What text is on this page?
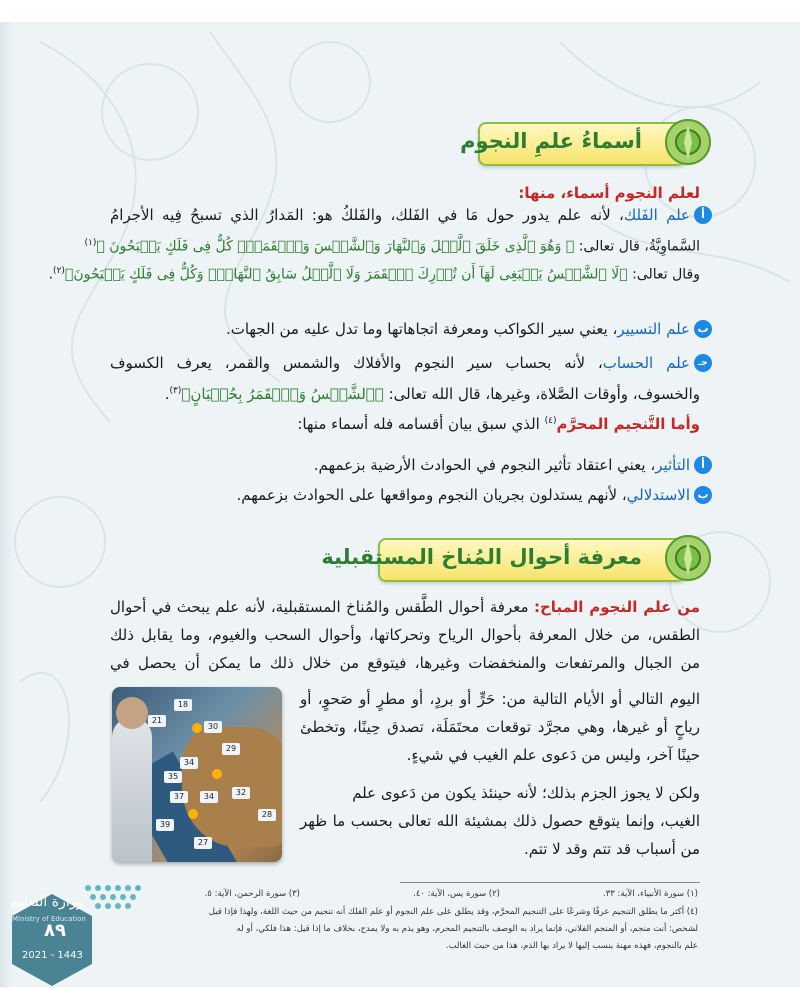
أسماءُ علمِ النجوم
لعلم النجوم أسماء، منها:
أ
علم الفَلك، لأنه علم يدور حول مَا في الفَلك، والفَلكُ هو: المَدارُ الذي تسبحُ فِيه الأجرامُ
السَّماوِيَّةُ، قال تعالى: ﴿ وَهُوَ ٱلَّذِى خَلَقَ ٱلَّيۡلَ وَٱلنَّهَارَ وَٱلشَّمۡسَ وَٱلۡقَمَرَۖ كُلٌّ فِى فَلَكٍ يَسۡبَحُونَ ﴾$^{(١)}$
وقال تعالى: ﴿لَا ٱلشَّمۡسُ يَنۢبَغِى لَهَآ أَن تُدۡرِكَ ٱلۡقَمَرَ وَلَا ٱلَّيۡلُ سَابِقُ ٱلنَّهَارِۚ وَكُلٌّ فِى فَلَكٍ يَسۡبَحُونَ﴾$^{(٢)}$.
ب
علم التسيير، يعني سير الكواكب ومعرفة اتجاهاتها وما تدل عليه من الجهات.
جـ
علم الحساب، لأنه بحساب سير النجوم والأفلاك والشمس والقمر، يعرف الكسوف
والخسوف، وأوقات الصَّلاة، وغيرها، قال الله تعالى: ﴿ٱلشَّمۡسُ وَٱلۡقَمَرُ بِحُسۡبَانٍ﴾$^{(٣)}$.
وأما التَّنجيم المحرَّم$^{(٤)}$ الذي سبق بيان أقسامه فله أسماء منها:
أ
التأثير، يعني اعتقاد تأثير النجوم في الحوادث الأرضية بزعمهم.
ب
الاستدلالي، لأنهم يستدلون بجريان النجوم ومواقعها على الحوادث بزعمهم.
معرفة أحوال المُناخ المستقبلية
من علم النجوم المباح: معرفة أحوال الطَّقس والمُناخ المستقبلية، لأنه علم يبحث في أحوال
الطقس، من خلال المعرفة بأحوال الرياح وتحركاتها، وأحوال السحب والغيوم، وما يقابل ذلك
من الجبال والمرتفعات والمنخفضات وغيرها، فيتوقع من خلال ذلك ما يمكن أن يحصل في
اليوم التالي أو الأيام التالية من: حَرٍّ أو بردٍ، أو مطرٍ أو صَحوٍ، أو
رياحٍ أو غيرها، وهي مجرَّد توقعات محتَمَلَة، تصدق حِينًا، وتخطئ
حينًا آخر، وليس من دَعوى علم الغيب في شيءٍ.
ولكن لا يجوز الجزم بذلك؛ لأنه حينئذ يكون من دَعوى علم
الغيب، وإنما يتوقع حصول ذلك بمشيئة الله تعالى بحسب ما ظهر
من أسباب قد تتم وقد لا تتم.
18
21
30
29
35
34
37
34
32
28
39
27
(١) سورة الأنبياء، الآية: ٣٣.
(٢) سورة يس، الآية: ٤٠.
(٣) سورة الرحمن، الآية: ٥.
(٤) أكثر ما يطلق التنجيم عرفًا وشرعًا على التنجيم المحرَّم، وقد يطلق على علم النجوم أو علم الفلك أنه تنجيم من حيث اللغة، ولهذا فإذا قيل
لشخص: أنت منجم، أو المنجم الفلاني، فإنما يراد به الوصف بالتنجيم المحرم، وهو يذم به ولا يمدح، بخلاف ما إذا قيل: هذا فلكي، أو له
علم بالنجوم، فهذه مهنة ينسب إليها لا يراد بها الذم، هذا من حيث الغالب.
وزارة التعليم
Ministry of Education
٨٩
2021 - 1443
